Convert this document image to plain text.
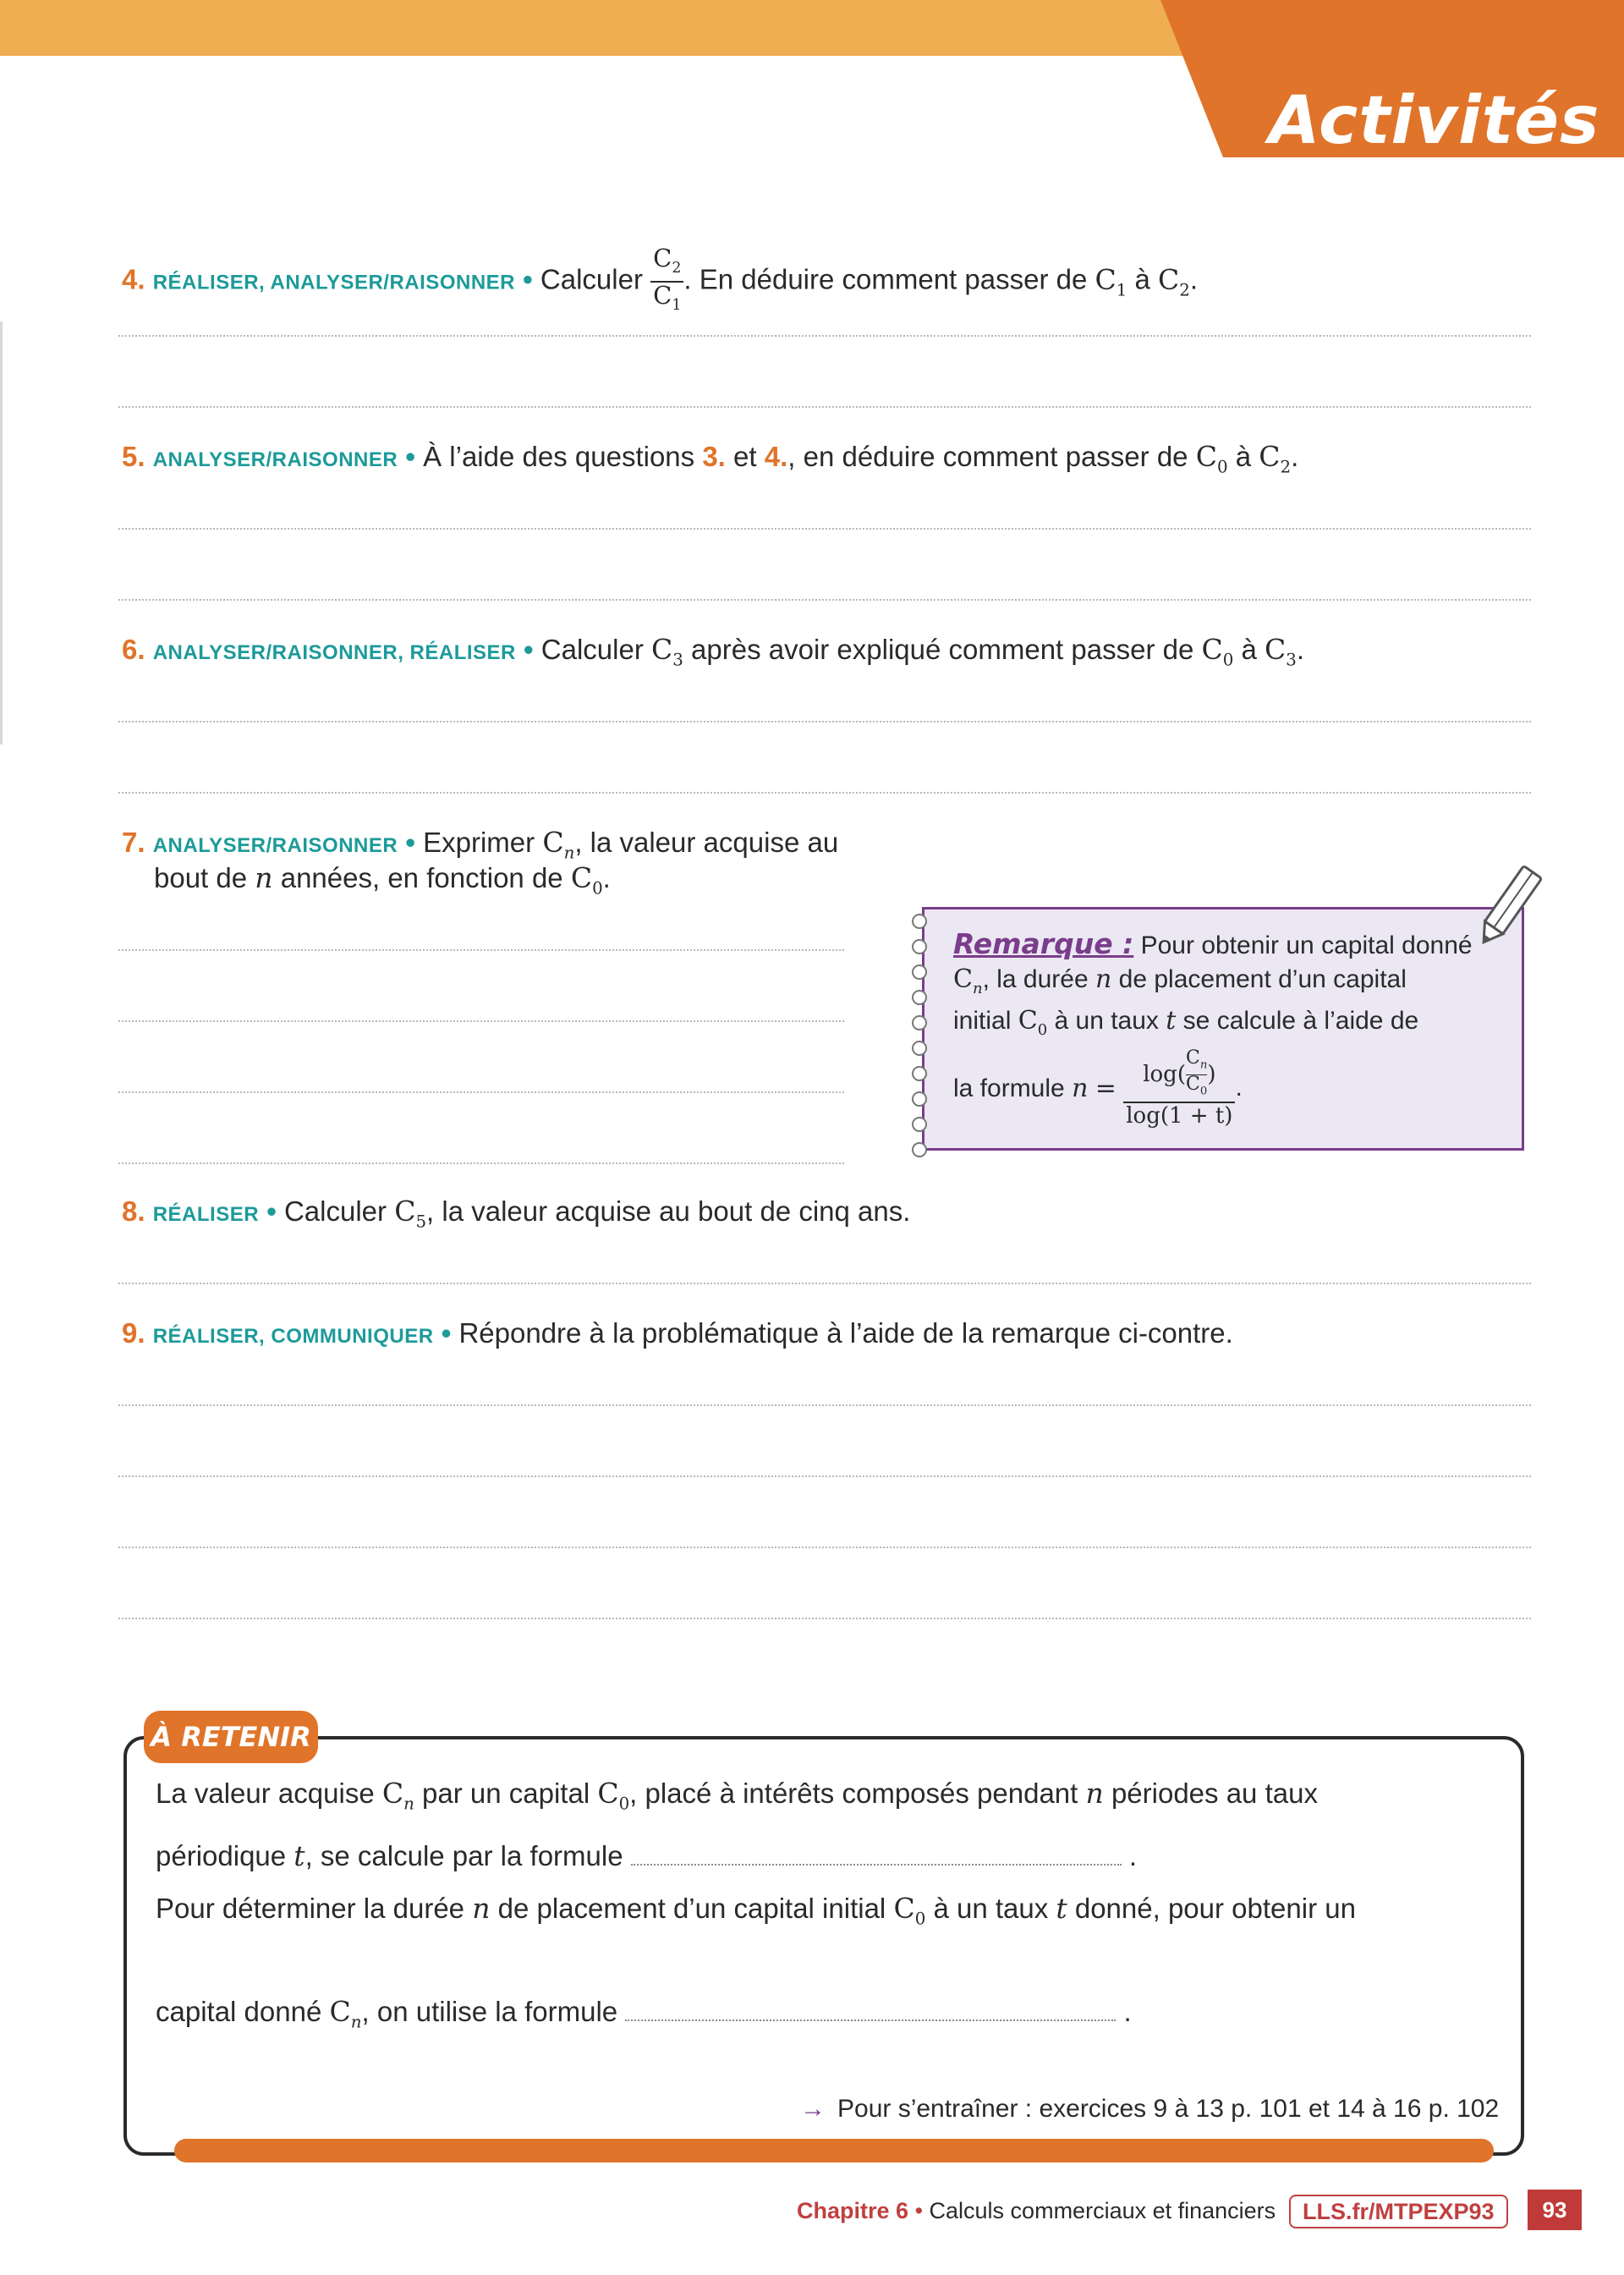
Activités
4. RÉALISER, ANALYSER/RAISONNER • Calculer $\frac{C_2}{C_1}$ . En déduire comment passer de $C_1$ à $C_2$.
5. ANALYSER/RAISONNER • À l’aide des questions 3. et 4., en déduire comment passer de $C_0$ à $C_2$.
6. ANALYSER/RAISONNER, RÉALISER • Calculer $C_3$ après avoir expliqué comment passer de $C_0$ à $C_3$.
7. ANALYSER/RAISONNER • Exprimer $C_n$, la valeur acquise au
bout de n années, en fonction de $C_0$.
Remarque : Pour obtenir un capital donné
$C_n$, la durée n de placement d’un capital
initial $C_0$ à un taux t se calcule à l’aide de
la formule $n = \frac{\log( \frac{C_n}{C_0} )}{\log(1 + t)}$ .
8. RÉALISER • Calculer $C_5$, la valeur acquise au bout de cinq ans.
9. RÉALISER, COMMUNIQUER • Répondre à la problématique à l’aide de la remarque ci-contre.
À RETENIR
La valeur acquise $C_n$ par un capital $C_0$, placé à intérêts composés pendant n périodes au taux
périodique t, se calcule par la formule	.
Pour déterminer la durée n de placement d’un capital initial $C_0$ à un taux t donné, pour obtenir un
capital donné $C_n$, on utilise la formule	.
→ Pour s’entraîner : exercices 9 à 13 p. 101 et 14 à 16 p. 102
Chapitre 6 • Calculs commerciaux et financiers	LLS.fr/MTPEXP93	93
